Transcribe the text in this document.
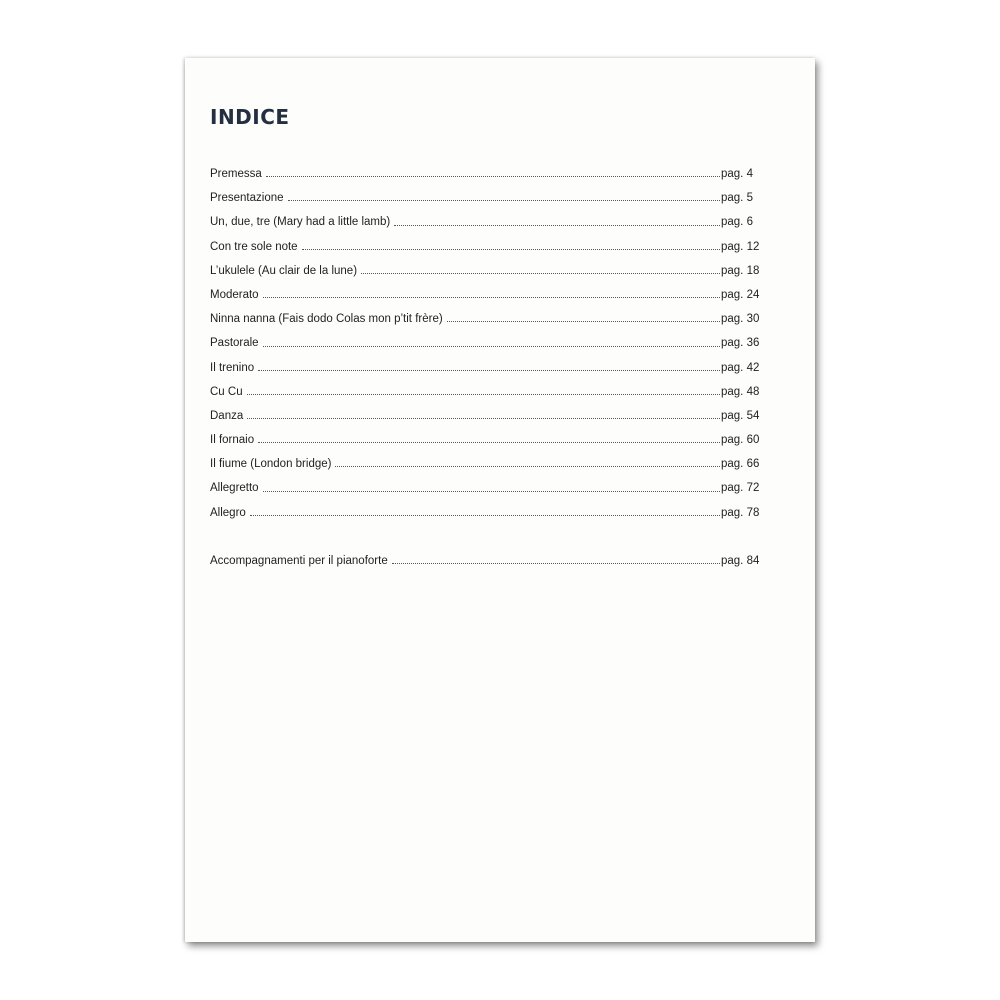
INDICE
Premessa	pag. 4
Presentazione	pag. 5
Un, due, tre (Mary had a little lamb)	pag. 6
Con tre sole note	pag. 12
L’ukulele (Au clair de la lune)	pag. 18
Moderato	pag. 24
Ninna nanna (Fais dodo Colas mon p’tit frère)	pag. 30
Pastorale	pag. 36
Il trenino	pag. 42
Cu Cu	pag. 48
Danza	pag. 54
Il fornaio	pag. 60
Il fiume (London bridge)	pag. 66
Allegretto	pag. 72
Allegro	pag. 78
Accompagnamenti per il pianoforte	pag. 84
